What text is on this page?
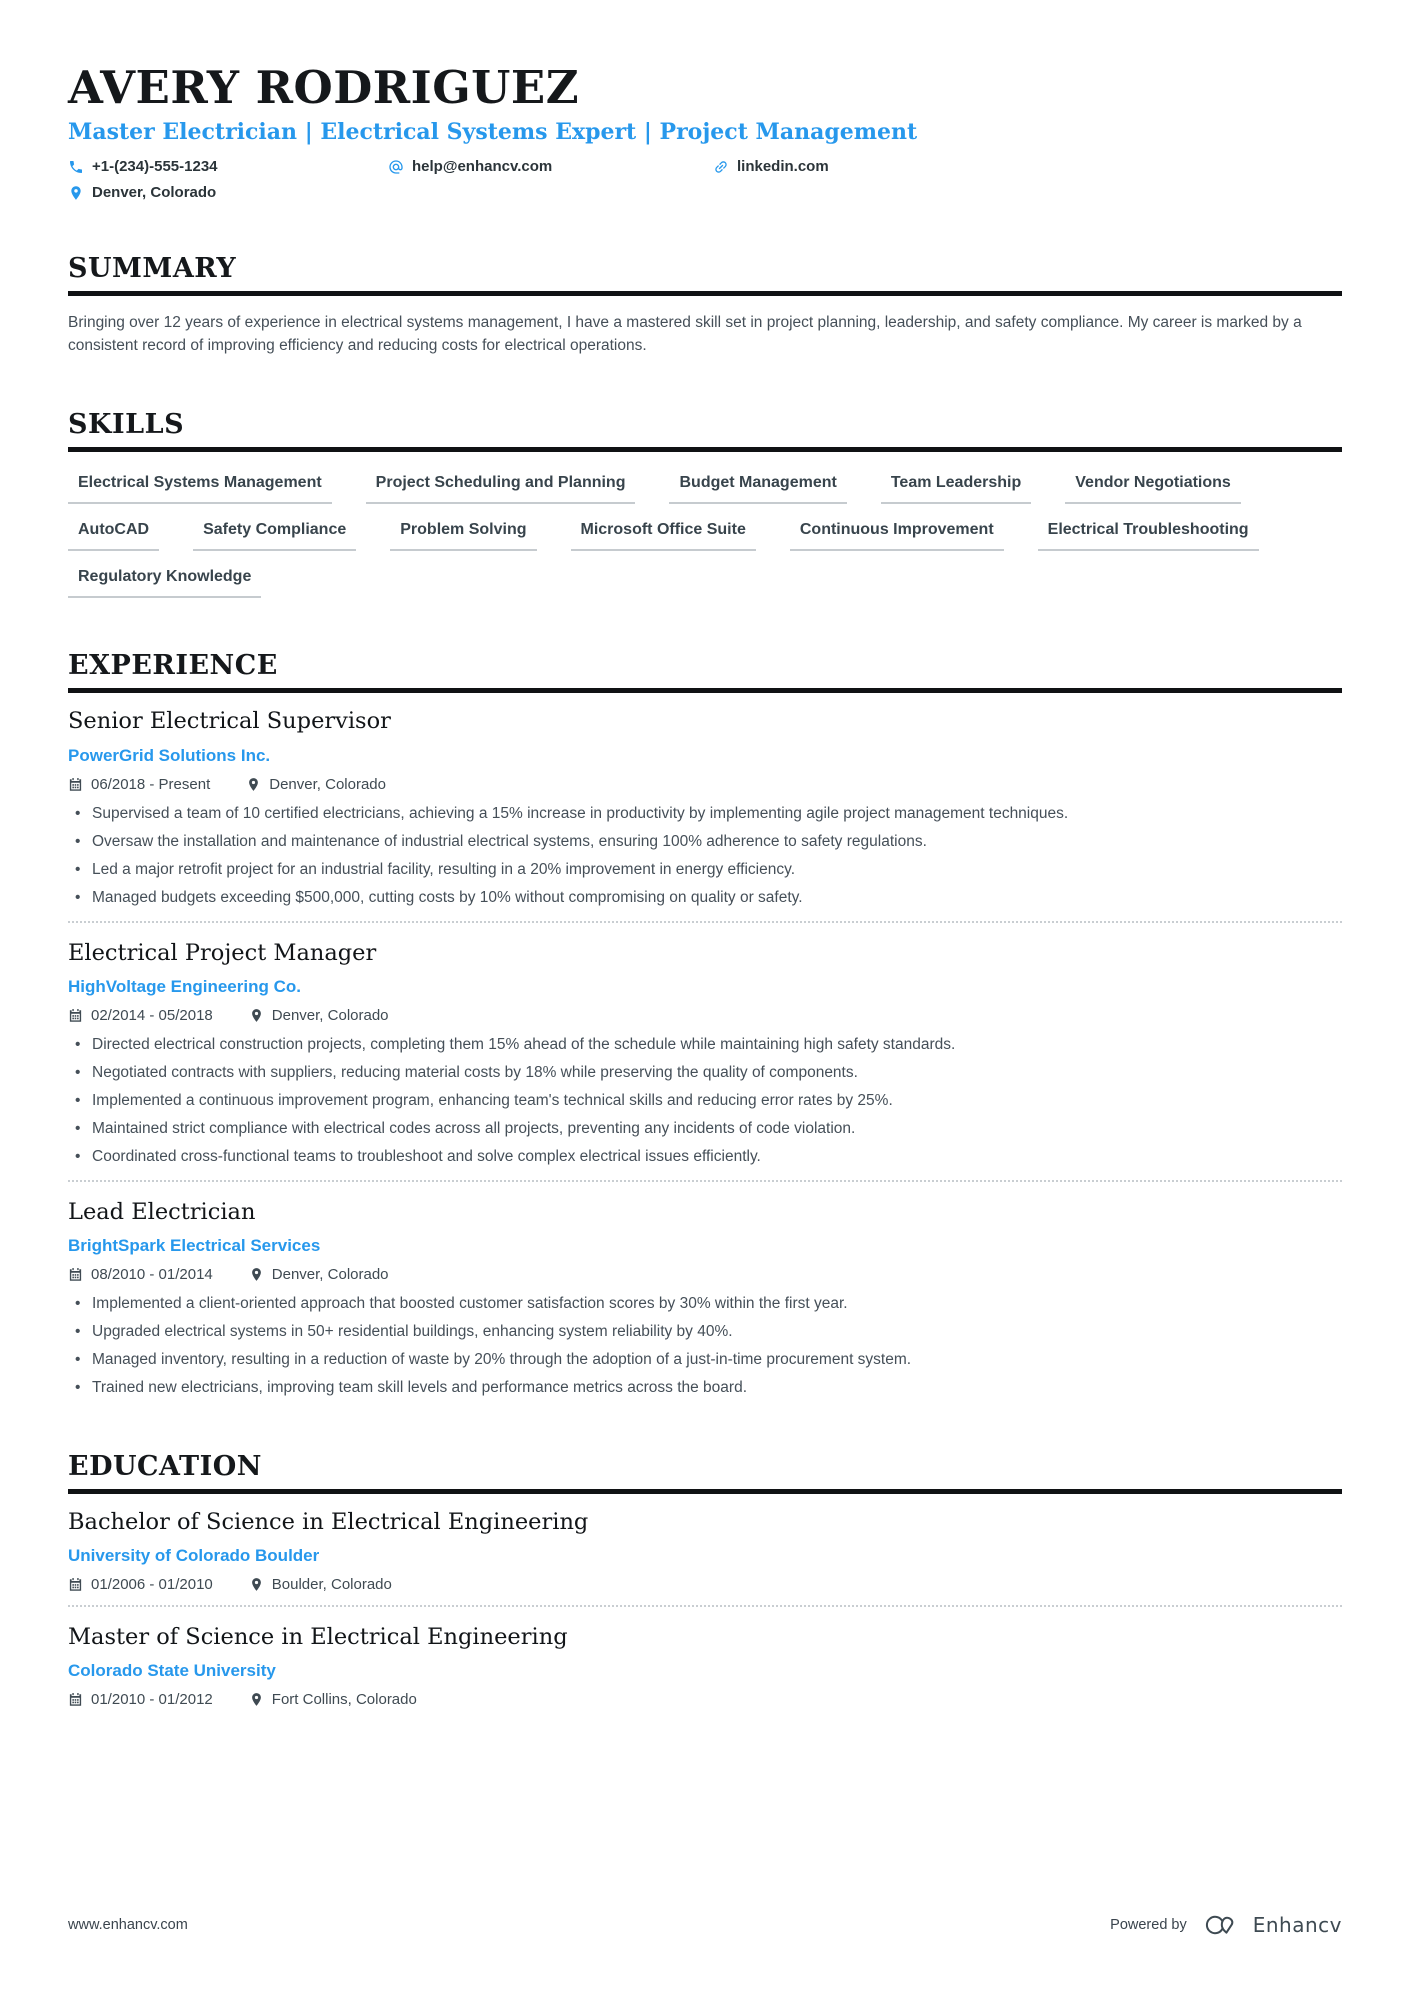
AVERY RODRIGUEZ
Master Electrician | Electrical Systems Expert | Project Management
+1-(234)-555-1234	help@enhancv.com	linkedin.com
Denver, Colorado
SUMMARY

Bringing over 12 years of experience in electrical systems management, I have a mastered skill set in project planning, leadership, and safety compliance. My career is marked by a consistent record of improving efficiency and reducing costs for electrical operations.

SKILLS
Electrical Systems Management	Project Scheduling and Planning	Budget Management	Team Leadership	Vendor Negotiations
AutoCAD	Safety Compliance	Problem Solving	Microsoft Office Suite	Continuous Improvement	Electrical Troubleshooting
Regulatory Knowledge
EXPERIENCE
Senior Electrical Supervisor
PowerGrid Solutions Inc.
06/2018 - Present	Denver, Colorado
• Supervised a team of 10 certified electricians, achieving a 15% increase in productivity by implementing agile project management techniques.
• Oversaw the installation and maintenance of industrial electrical systems, ensuring 100% adherence to safety regulations.
• Led a major retrofit project for an industrial facility, resulting in a 20% improvement in energy efficiency.
• Managed budgets exceeding $500,000, cutting costs by 10% without compromising on quality or safety.
Electrical Project Manager
HighVoltage Engineering Co.
02/2014 - 05/2018	Denver, Colorado
• Directed electrical construction projects, completing them 15% ahead of the schedule while maintaining high safety standards.
• Negotiated contracts with suppliers, reducing material costs by 18% while preserving the quality of components.
• Implemented a continuous improvement program, enhancing team's technical skills and reducing error rates by 25%.
• Maintained strict compliance with electrical codes across all projects, preventing any incidents of code violation.
• Coordinated cross-functional teams to troubleshoot and solve complex electrical issues efficiently.
Lead Electrician
BrightSpark Electrical Services
08/2010 - 01/2014	Denver, Colorado
• Implemented a client-oriented approach that boosted customer satisfaction scores by 30% within the first year.
• Upgraded electrical systems in 50+ residential buildings, enhancing system reliability by 40%.
• Managed inventory, resulting in a reduction of waste by 20% through the adoption of a just-in-time procurement system.
• Trained new electricians, improving team skill levels and performance metrics across the board.
EDUCATION
Bachelor of Science in Electrical Engineering
University of Colorado Boulder
01/2006 - 01/2010	Boulder, Colorado
Master of Science in Electrical Engineering
Colorado State University
01/2010 - 01/2012	Fort Collins, Colorado
www.enhancv.com	Powered by	Enhancv
